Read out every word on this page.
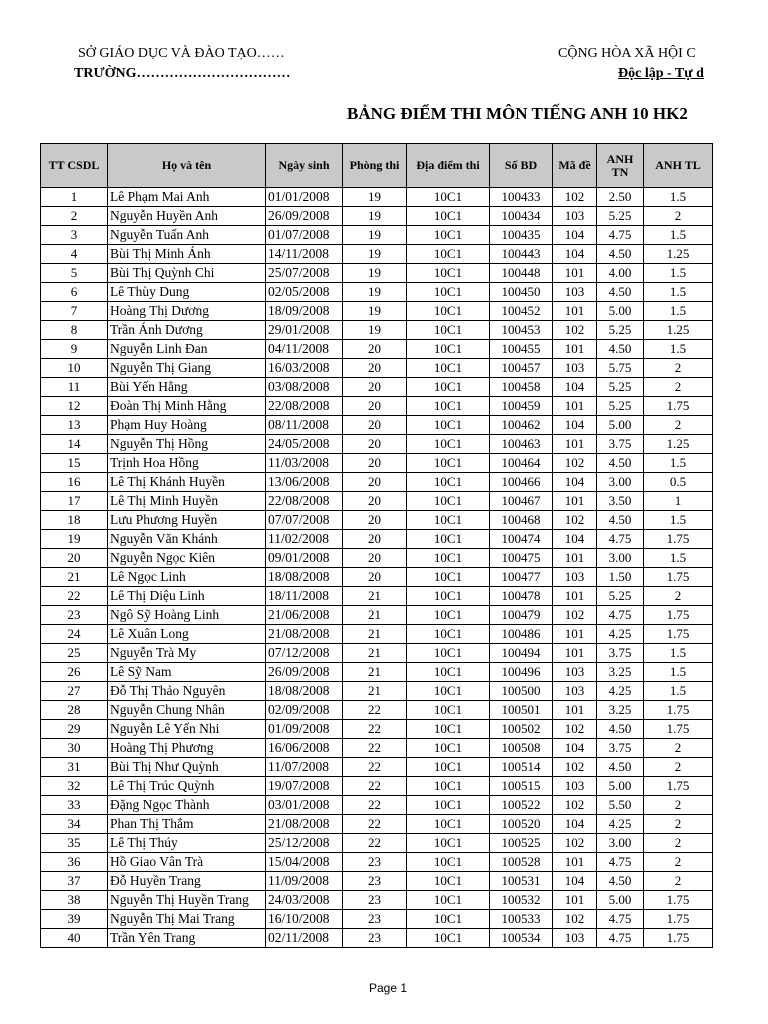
SỞ GIÁO DỤC VÀ ĐÀO TẠO……
TRƯỜNG……………………………
CỘNG HÒA XÃ HỘI C
Độc lập - Tự d
BẢNG ĐIỂM THI MÔN TIẾNG ANH 10 HK2
TT CSDL	Họ và tên	Ngày sinh	Phòng thi	Địa điểm thi	Số BD	Mã đề	ANH TN	ANH TL
1	Lê Phạm Mai Anh	01/01/2008	19	10C1	100433	102	2.50	1.5
2	Nguyễn Huyền Anh	26/09/2008	19	10C1	100434	103	5.25	2
3	Nguyễn Tuấn Anh	01/07/2008	19	10C1	100435	104	4.75	1.5
4	Bùi Thị Minh Ánh	14/11/2008	19	10C1	100443	104	4.50	1.25
5	Bùi Thị Quỳnh Chi	25/07/2008	19	10C1	100448	101	4.00	1.5
6	Lê Thùy Dung	02/05/2008	19	10C1	100450	103	4.50	1.5
7	Hoàng Thị Dương	18/09/2008	19	10C1	100452	101	5.00	1.5
8	Trần Ánh Dương	29/01/2008	19	10C1	100453	102	5.25	1.25
9	Nguyễn Linh Đan	04/11/2008	20	10C1	100455	101	4.50	1.5
10	Nguyễn Thị Giang	16/03/2008	20	10C1	100457	103	5.75	2
11	Bùi Yến Hằng	03/08/2008	20	10C1	100458	104	5.25	2
12	Đoàn Thị Minh Hằng	22/08/2008	20	10C1	100459	101	5.25	1.75
13	Phạm Huy Hoàng	08/11/2008	20	10C1	100462	104	5.00	2
14	Nguyễn Thị Hồng	24/05/2008	20	10C1	100463	101	3.75	1.25
15	Trịnh Hoa Hồng	11/03/2008	20	10C1	100464	102	4.50	1.5
16	Lê Thị Khánh Huyền	13/06/2008	20	10C1	100466	104	3.00	0.5
17	Lê Thị Minh Huyền	22/08/2008	20	10C1	100467	101	3.50	1
18	Lưu Phương Huyền	07/07/2008	20	10C1	100468	102	4.50	1.5
19	Nguyễn Văn Khánh	11/02/2008	20	10C1	100474	104	4.75	1.75
20	Nguyễn Ngọc Kiên	09/01/2008	20	10C1	100475	101	3.00	1.5
21	Lê Ngọc Linh	18/08/2008	20	10C1	100477	103	1.50	1.75
22	Lê Thị Diệu Linh	18/11/2008	21	10C1	100478	101	5.25	2
23	Ngô Sỹ Hoàng Linh	21/06/2008	21	10C1	100479	102	4.75	1.75
24	Lê Xuân Long	21/08/2008	21	10C1	100486	101	4.25	1.75
25	Nguyễn Trà My	07/12/2008	21	10C1	100494	101	3.75	1.5
26	Lê Sỹ Nam	26/09/2008	21	10C1	100496	103	3.25	1.5
27	Đỗ Thị Thảo Nguyên	18/08/2008	21	10C1	100500	103	4.25	1.5
28	Nguyễn Chung Nhân	02/09/2008	22	10C1	100501	101	3.25	1.75
29	Nguyễn Lê Yến Nhi	01/09/2008	22	10C1	100502	102	4.50	1.75
30	Hoàng Thị Phương	16/06/2008	22	10C1	100508	104	3.75	2
31	Bùi Thị Như Quỳnh	11/07/2008	22	10C1	100514	102	4.50	2
32	Lê Thị Trúc Quỳnh	19/07/2008	22	10C1	100515	103	5.00	1.75
33	Đặng Ngọc Thành	03/01/2008	22	10C1	100522	102	5.50	2
34	Phan Thị Thắm	21/08/2008	22	10C1	100520	104	4.25	2
35	Lê Thị Thúy	25/12/2008	22	10C1	100525	102	3.00	2
36	Hồ Giao Vân Trà	15/04/2008	23	10C1	100528	101	4.75	2
37	Đỗ Huyền Trang	11/09/2008	23	10C1	100531	104	4.50	2
38	Nguyễn Thị Huyền Trang	24/03/2008	23	10C1	100532	101	5.00	1.75
39	Nguyễn Thị Mai Trang	16/10/2008	23	10C1	100533	102	4.75	1.75
40	Trần Yên Trang	02/11/2008	23	10C1	100534	103	4.75	1.75
Page 1
